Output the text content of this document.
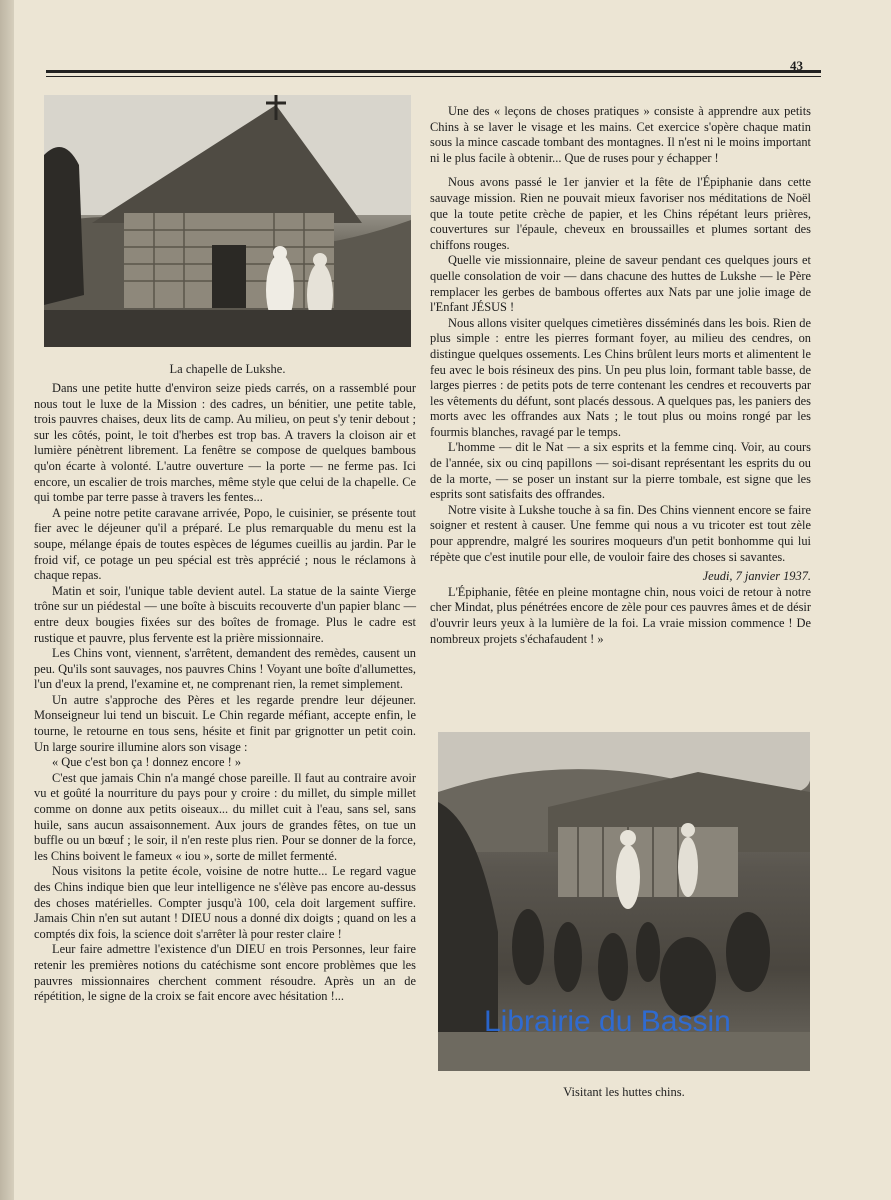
43
La chapelle de Lukshe.

Dans une petite hutte d'environ seize pieds carrés, on a rassemblé pour nous tout le luxe de la Mission : des cadres, un bénitier, une petite table, trois pauvres chaises, deux lits de camp. Au milieu, on peut s'y tenir debout ; sur les côtés, point, le toit d'herbes est trop bas. A travers la cloison air et lumière pénètrent librement. La fenêtre se compose de quelques bambous qu'on écarte à volonté. L'autre ouverture — la porte — ne ferme pas. Ici encore, un escalier de trois marches, même style que celui de la chapelle. Ce qui tombe par terre passe à travers les fentes...

A peine notre petite caravane arrivée, Popo, le cuisinier, se présente tout fier avec le déjeuner qu'il a préparé. Le plus remarquable du menu est la soupe, mélange épais de toutes espèces de légumes cueillis au jardin. Par le froid vif, ce potage un peu spécial est très apprécié ; nous le réclamons à chaque repas.

Matin et soir, l'unique table devient autel. La statue de la sainte Vierge trône sur un piédestal — une boîte à biscuits recouverte d'un papier blanc — entre deux bougies fixées sur des boîtes de fromage. Plus le cadre est rustique et pauvre, plus fervente est la prière missionnaire.

Les Chins vont, viennent, s'arrêtent, demandent des remèdes, causent un peu. Qu'ils sont sauvages, nos pauvres Chins ! Voyant une boîte d'allumettes, l'un d'eux la prend, l'examine et, ne comprenant rien, la remet simplement.

Un autre s'approche des Pères et les regarde prendre leur déjeuner. Monseigneur lui tend un biscuit. Le Chin regarde méfiant, accepte enfin, le tourne, le retourne en tous sens, hésite et finit par grignotter un petit coin. Un large sourire illumine alors son visage :

« Que c'est bon ça ! donnez encore ! »

C'est que jamais Chin n'a mangé chose pareille. Il faut au contraire avoir vu et goûté la nourriture du pays pour y croire : du millet, du simple millet comme on donne aux petits oiseaux... du millet cuit à l'eau, sans sel, sans huile, sans aucun assaisonnement. Aux jours de grandes fêtes, on tue un buffle ou un bœuf ; le soir, il n'en reste plus rien. Pour se donner de la force, les Chins boivent le fameux « iou », sorte de millet fermenté.

Nous visitons la petite école, voisine de notre hutte... Le regard vague des Chins indique bien que leur intelligence ne s'élève pas encore au-dessus des choses matérielles. Compter jusqu'à 100, cela doit largement suffire. Jamais Chin n'en sut autant ! DIEU nous a donné dix doigts ; quand on les a comptés dix fois, la science doit s'arrêter là pour rester claire !

Leur faire admettre l'existence d'un DIEU en trois Personnes, leur faire retenir les premières notions du catéchisme sont encore problèmes que les pauvres missionnaires cherchent comment résoudre. Après un an de répétition, le signe de la croix se fait encore avec hésitation !...

Une des « leçons de choses pratiques » consiste à apprendre aux petits Chins à se laver le visage et les mains. Cet exercice s'opère chaque matin sous la mince cascade tombant des montagnes. Il n'est ni le moins important ni le plus facile à obtenir... Que de ruses pour y échapper !

Nous avons passé le 1er janvier et la fête de l'Épiphanie dans cette sauvage mission. Rien ne pouvait mieux favoriser nos méditations de Noël que la toute petite crèche de papier, et les Chins répétant leurs prières, couvertures sur l'épaule, cheveux en broussailles et plumes sortant des chiffons rouges.

Quelle vie missionnaire, pleine de saveur pendant ces quelques jours et quelle consolation de voir — dans chacune des huttes de Lukshe — le Père remplacer les gerbes de bambous offertes aux Nats par une jolie image de l'Enfant JÉSUS !

Nous allons visiter quelques cimetières disséminés dans les bois. Rien de plus simple : entre les pierres formant foyer, au milieu des cendres, on distingue quelques ossements. Les Chins brûlent leurs morts et alimentent le feu avec le bois résineux des pins. Un peu plus loin, formant table basse, de larges pierres : de petits pots de terre contenant les cendres et recouverts par les vêtements du défunt, sont placés dessous. A quelques pas, les paniers des morts avec les offrandes aux Nats ; le tout plus ou moins rongé par les fourmis blanches, ravagé par le temps.

L'homme — dit le Nat — a six esprits et la femme cinq. Voir, au cours de l'année, six ou cinq papillons — soi-disant représentant les esprits du ou de la morte, — se poser un instant sur la pierre tombale, est signe que les esprits sont satisfaits des offrandes.

Notre visite à Lukshe touche à sa fin. Des Chins viennent encore se faire soigner et restent à causer. Une femme qui nous a vu tricoter est tout zèle pour apprendre, malgré les sourires moqueurs d'un petit bonhomme qui lui répète que c'est inutile pour elle, de vouloir faire des choses si savantes.

Jeudi, 7 janvier 1937.

L'Épiphanie, fêtée en pleine montagne chin, nous voici de retour à notre cher Mindat, plus pénétrées encore de zèle pour ces pauvres âmes et de désir d'ouvrir leurs yeux à la lumière de la foi. La vraie mission commence ! De nombreux projets s'échafaudent ! »

Visitant les huttes chins.
Librairie du Bassin
